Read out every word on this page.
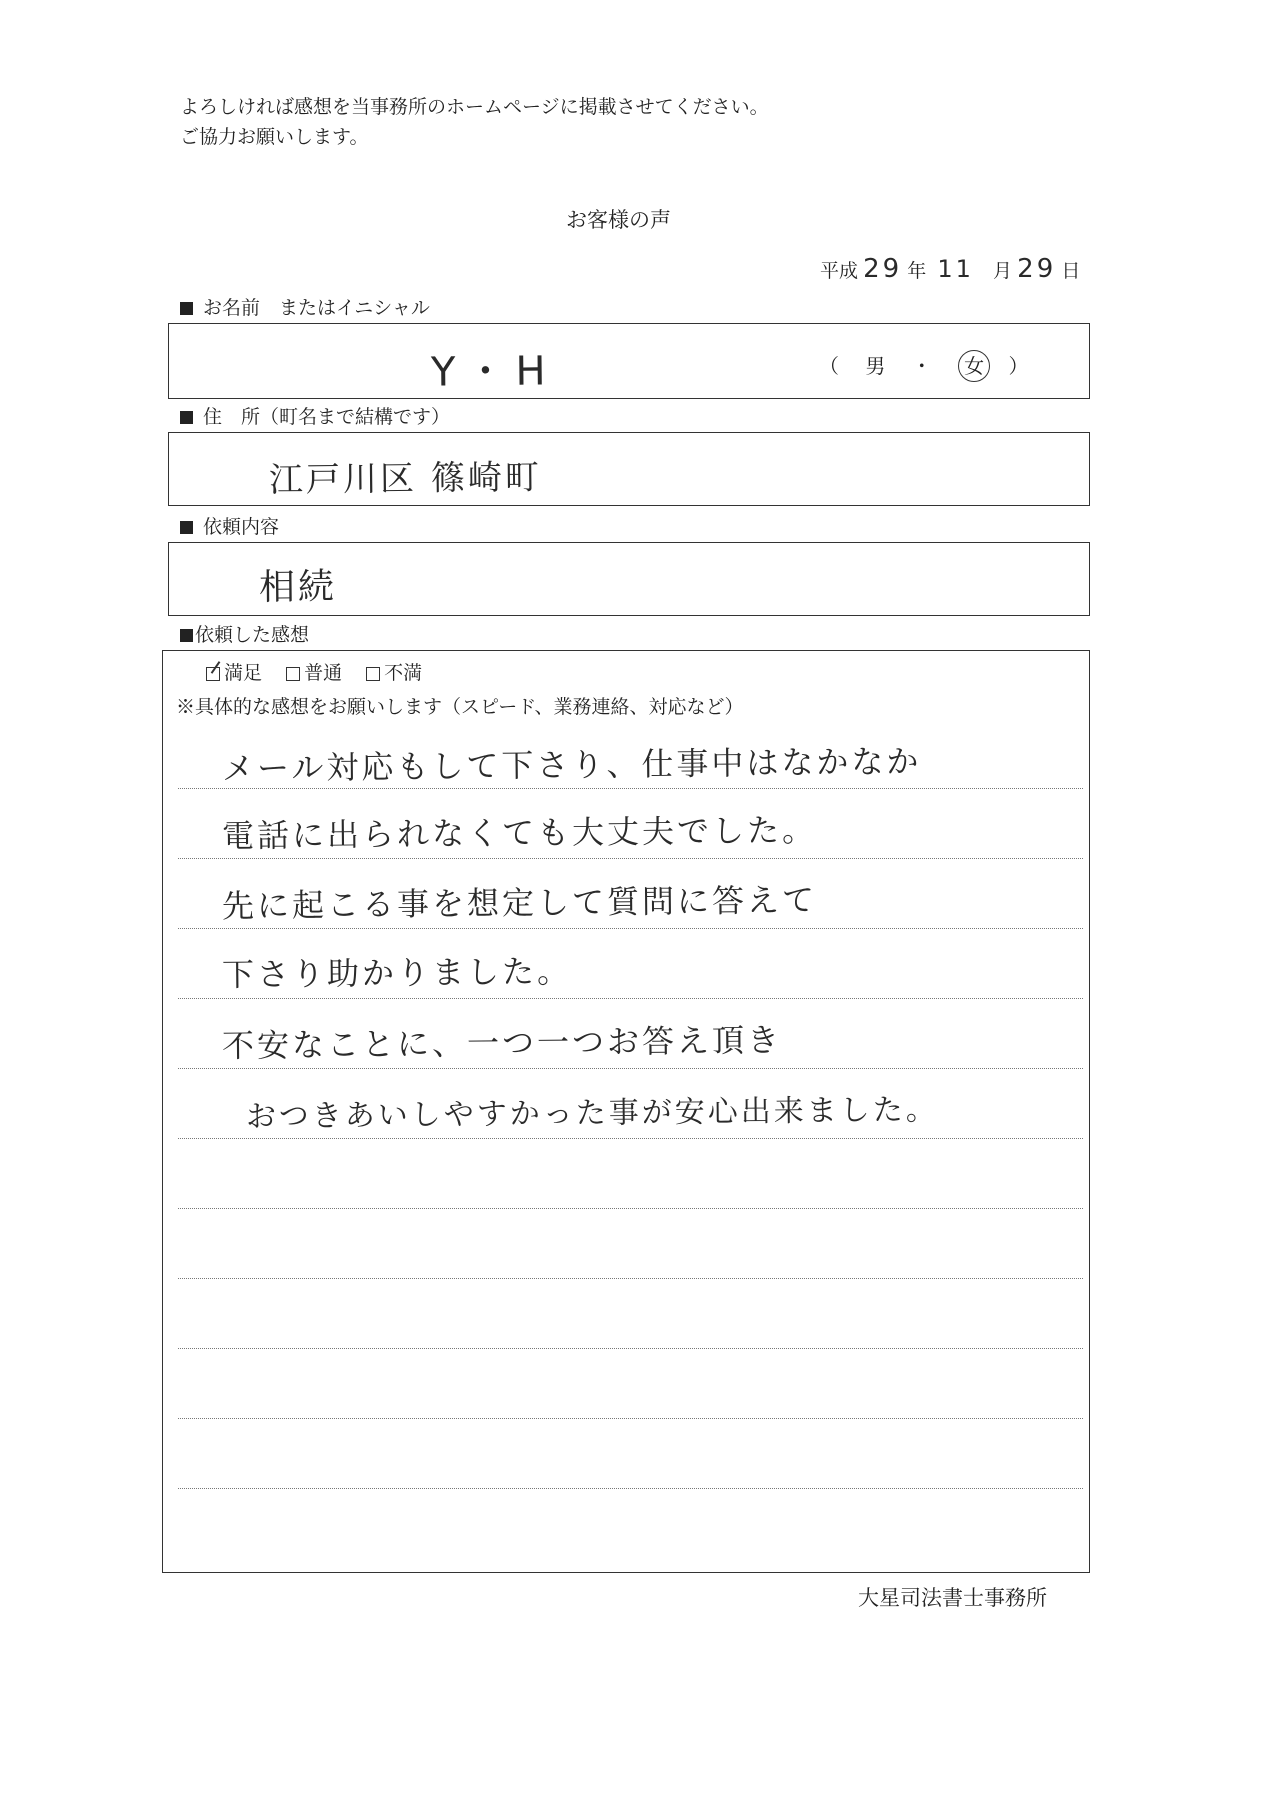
よろしければ感想を当事務所のホームページに掲載させてください。
ご協力お願いします。
お客様の声
平成 29 年 11 月 29 日
お名前　またはイニシャル
Y・H	（ 男 ・ 女 ）
住　所（町名まで結構です）
江戸川区 篠崎町
依頼内容
相続
依頼した感想
満足 普通 不満
※具体的な感想をお願いします（スピード、業務連絡、対応など）
メール対応もして下さり、仕事中はなかなか
電話に出られなくても大丈夫でした。
先に起こる事を想定して質問に答えて
下さり助かりました。
不安なことに、一つ一つお答え頂き
おつきあいしやすかった事が安心出来ました。
大星司法書士事務所
